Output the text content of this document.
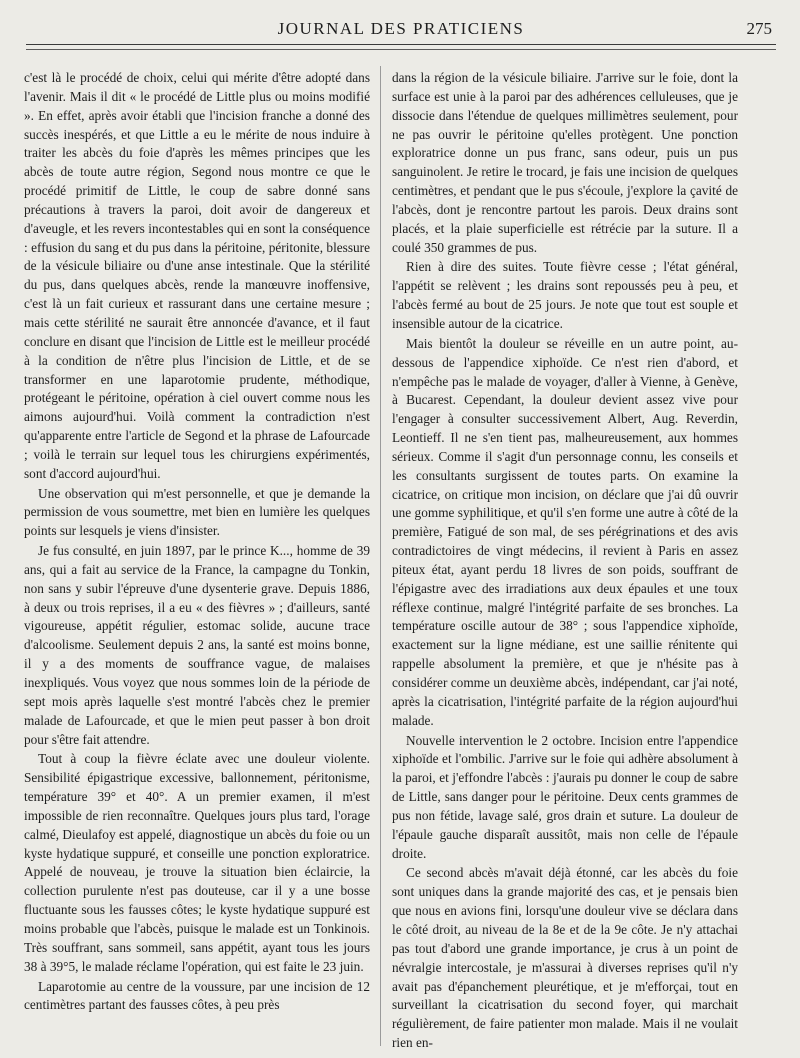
JOURNAL DES PRATICIENS	275

c'est là le procédé de choix, celui qui mérite d'être adopté dans l'avenir. Mais il dit « le procédé de Little plus ou moins modifié ». En effet, après avoir établi que l'incision franche a donné des succès inespérés, et que Little a eu le mérite de nous induire à traiter les abcès du foie d'après les mêmes principes que les abcès de toute autre région, Segond nous montre ce que le procédé primitif de Little, le coup de sabre donné sans précautions à travers la paroi, doit avoir de dangereux et d'aveugle, et les revers incontestables qui en sont la conséquence : effusion du sang et du pus dans la péritoine, péritonite, blessure de la vésicule biliaire ou d'une anse intestinale. Que la stérilité du pus, dans quelques abcès, rende la manœuvre inoffensive, c'est là un fait curieux et rassurant dans une certaine mesure ; mais cette stérilité ne saurait être annoncée d'avance, et il faut conclure en disant que l'incision de Little est le meilleur procédé à la condition de n'être plus l'incision de Little, et de se transformer en une laparotomie prudente, méthodique, protégeant le péritoine, opération à ciel ouvert comme nous les aimons aujourd'hui. Voilà comment la contradiction n'est qu'apparente entre l'article de Segond et la phrase de Lafourcade ; voilà le terrain sur lequel tous les chirurgiens expérimentés, sont d'accord aujourd'hui.

Une observation qui m'est personnelle, et que je demande la permission de vous soumettre, met bien en lumière les quelques points sur lesquels je viens d'insister.

Je fus consulté, en juin 1897, par le prince K..., homme de 39 ans, qui a fait au service de la France, la campagne du Tonkin, non sans y subir l'épreuve d'une dysenterie grave. Depuis 1886, à deux ou trois reprises, il a eu « des fièvres » ; d'ailleurs, santé vigoureuse, appétit régulier, estomac solide, aucune trace d'alcoolisme. Seulement depuis 2 ans, la santé est moins bonne, il y a des moments de souffrance vague, de malaises inexpliqués. Vous voyez que nous sommes loin de la période de sept mois après laquelle s'est montré l'abcès chez le premier malade de Lafourcade, et que le mien peut passer à bon droit pour s'être fait attendre.

Tout à coup la fièvre éclate avec une douleur violente. Sensibilité épigastrique excessive, ballonnement, péritonisme, température 39° et 40°. A un premier examen, il m'est impossible de rien reconnaître. Quelques jours plus tard, l'orage calmé, Dieulafoy est appelé, diagnostique un abcès du foie ou un kyste hydatique suppuré, et conseille une ponction exploratrice. Appelé de nouveau, je trouve la situation bien éclaircie, la collection purulente n'est pas douteuse, car il y a une bosse fluctuante sous les fausses côtes; le kyste hydatique suppuré est moins probable que l'abcès, puisque le malade est un Tonkinois. Très souffrant, sans sommeil, sans appétit, ayant tous les jours 38 à 39°5, le malade réclame l'opération, qui est faite le 23 juin.

Laparotomie au centre de la voussure, par une incision de 12 centimètres partant des fausses côtes, à peu près

dans la région de la vésicule biliaire. J'arrive sur le foie, dont la surface est unie à la paroi par des adhérences celluleuses, que je dissocie dans l'étendue de quelques millimètres seulement, pour ne pas ouvrir le péritoine qu'elles protègent. Une ponction exploratrice donne un pus franc, sans odeur, puis un pus sanguinolent. Je retire le trocard, je fais une incision de quelques centimètres, et pendant que le pus s'écoule, j'explore la çavité de l'abcès, dont je rencontre partout les parois. Deux drains sont placés, et la plaie superficielle est rétrécie par la suture. Il a coulé 350 grammes de pus.

Rien à dire des suites. Toute fièvre cesse ; l'état général, l'appétit se relèvent ; les drains sont repoussés peu à peu, et l'abcès fermé au bout de 25 jours. Je note que tout est souple et insensible autour de la cicatrice.

Mais bientôt la douleur se réveille en un autre point, au-dessous de l'appendice xiphoïde. Ce n'est rien d'abord, et n'empêche pas le malade de voyager, d'aller à Vienne, à Genève, à Bucarest. Cependant, la douleur devient assez vive pour l'engager à consulter successivement Albert, Aug. Reverdin, Leontieff. Il ne s'en tient pas, malheureusement, aux hommes sérieux. Comme il s'agit d'un personnage connu, les conseils et les consultants surgissent de toutes parts. On examine la cicatrice, on critique mon incision, on déclare que j'ai dû ouvrir une gomme syphilitique, et qu'il s'en forme une autre à côté de la première, Fatigué de son mal, de ses pérégrinations et des avis contradictoires de vingt médecins, il revient à Paris en assez piteux état, ayant perdu 18 livres de son poids, souffrant de l'épigastre avec des irradiations aux deux épaules et une toux réflexe continue, malgré l'intégrité parfaite de ses bronches. La température oscille autour de 38° ; sous l'appendice xiphoïde, exactement sur la ligne médiane, est une saillie rénitente qui rappelle absolument la première, et que je n'hésite pas à considérer comme un deuxième abcès, indépendant, car j'ai noté, après la cicatrisation, l'intégrité parfaite de la région aujourd'hui malade.

Nouvelle intervention le 2 octobre. Incision entre l'appendice xiphoïde et l'ombilic. J'arrive sur le foie qui adhère absolument à la paroi, et j'effondre l'abcès : j'aurais pu donner le coup de sabre de Little, sans danger pour le péritoine. Deux cents grammes de pus non fétide, lavage salé, gros drain et suture. La douleur de l'épaule gauche disparaît aussitôt, mais non celle de l'épaule droite.

Ce second abcès m'avait déjà étonné, car les abcès du foie sont uniques dans la grande majorité des cas, et je pensais bien que nous en avions fini, lorsqu'une douleur vive se déclara dans le côté droit, au niveau de la 8e et de la 9e côte. Je n'y attachai pas tout d'abord une grande importance, je crus à un point de névralgie intercostale, je m'assurai à diverses reprises qu'il n'y avait pas d'épanchement pleurétique, et je m'efforçai, tout en surveillant la cicatrisation du second foyer, qui marchait régulièrement, de faire patienter mon malade. Mais il ne voulait rien en-
